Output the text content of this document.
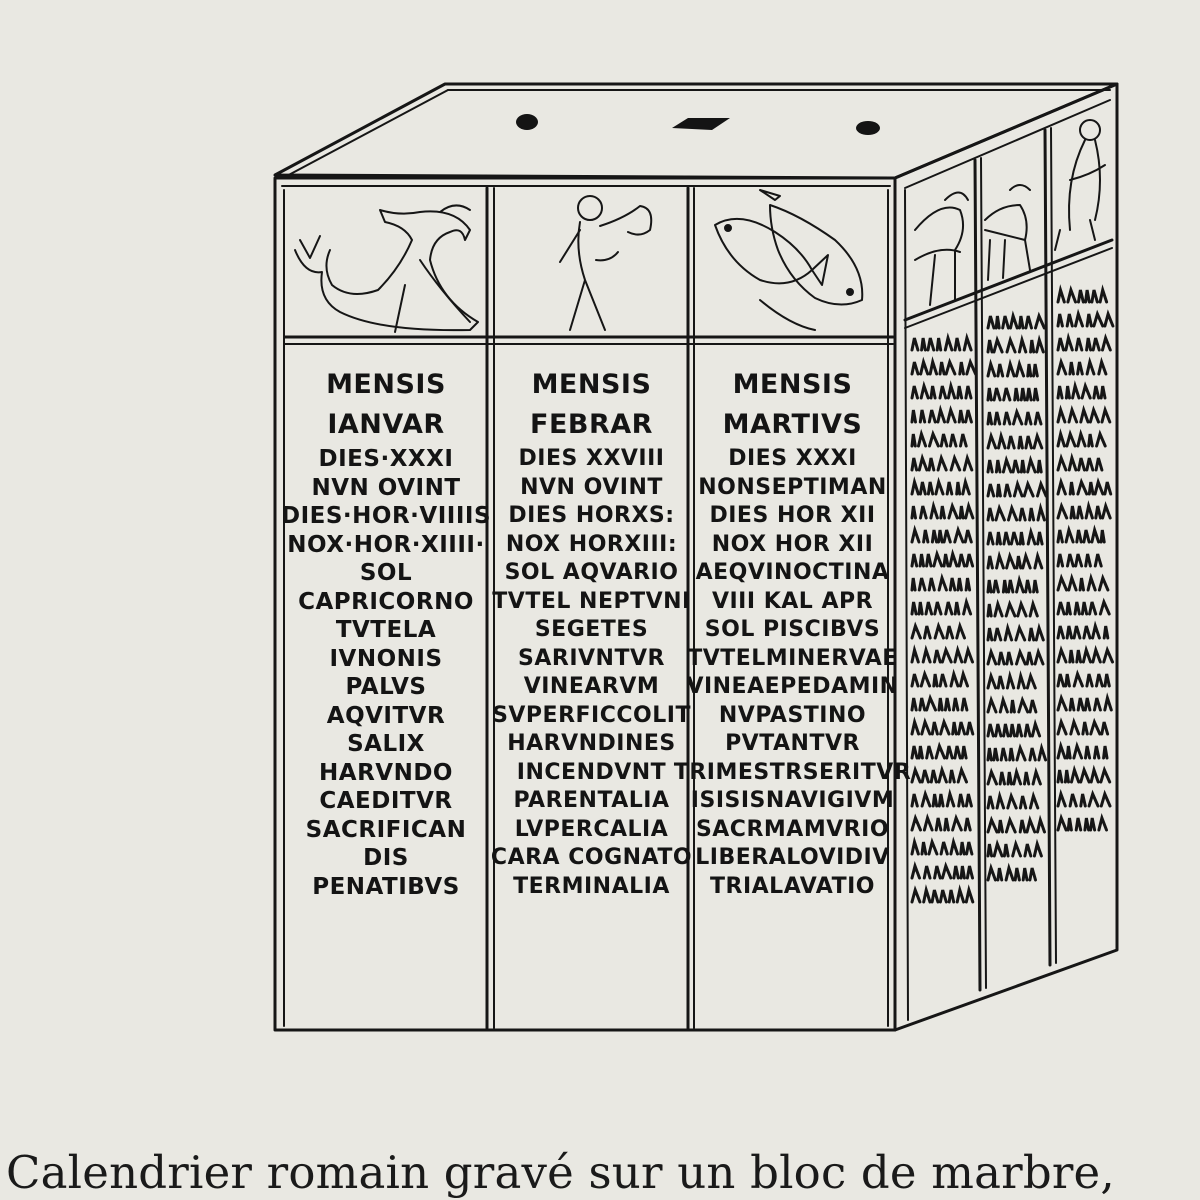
MENSIS
IANVAR
DIES·XXXI
NVN OVINT
DIES·HOR·VIIIIS
NOX·HOR·XIIII·
SOL
CAPRICORNO
TVTELA
IVNONIS
PALVS
AQVITVR
SALIX
HARVNDO
CAEDITVR
SACRIFICAN
DIS
PENATIBVS
MENSIS
FEBRAR
DIES XXVIII
NVN OVINT
DIES HORXS:
NOX HORXIII:
SOL AQVARIO
TVTEL NEPTVNI
SEGETES
SARIVNTVR
VINEARVM
SVPERFICCOLIT
HARVNDINES
INCENDVNT
PARENTALIA
LVPERCALIA
CARA COGNATO
TERMINALIA
MENSIS
MARTIVS
DIES XXXI
NONSEPTIMAN
DIES HOR XII
NOX HOR XII
AEQVINOCTINA
VIII KAL APR
SOL PISCIBVS
TVTELMINERVAE
VINEAEPEDAMIN
NVPASTINO
PVTANTVR
TRIMESTRSERITVR
ISISISNAVIGIVM
SACRMAMVRIO
LIBERALOVIDIV
TRIALAVATIO
Calendrier romain gravé sur un bloc de marbre,
